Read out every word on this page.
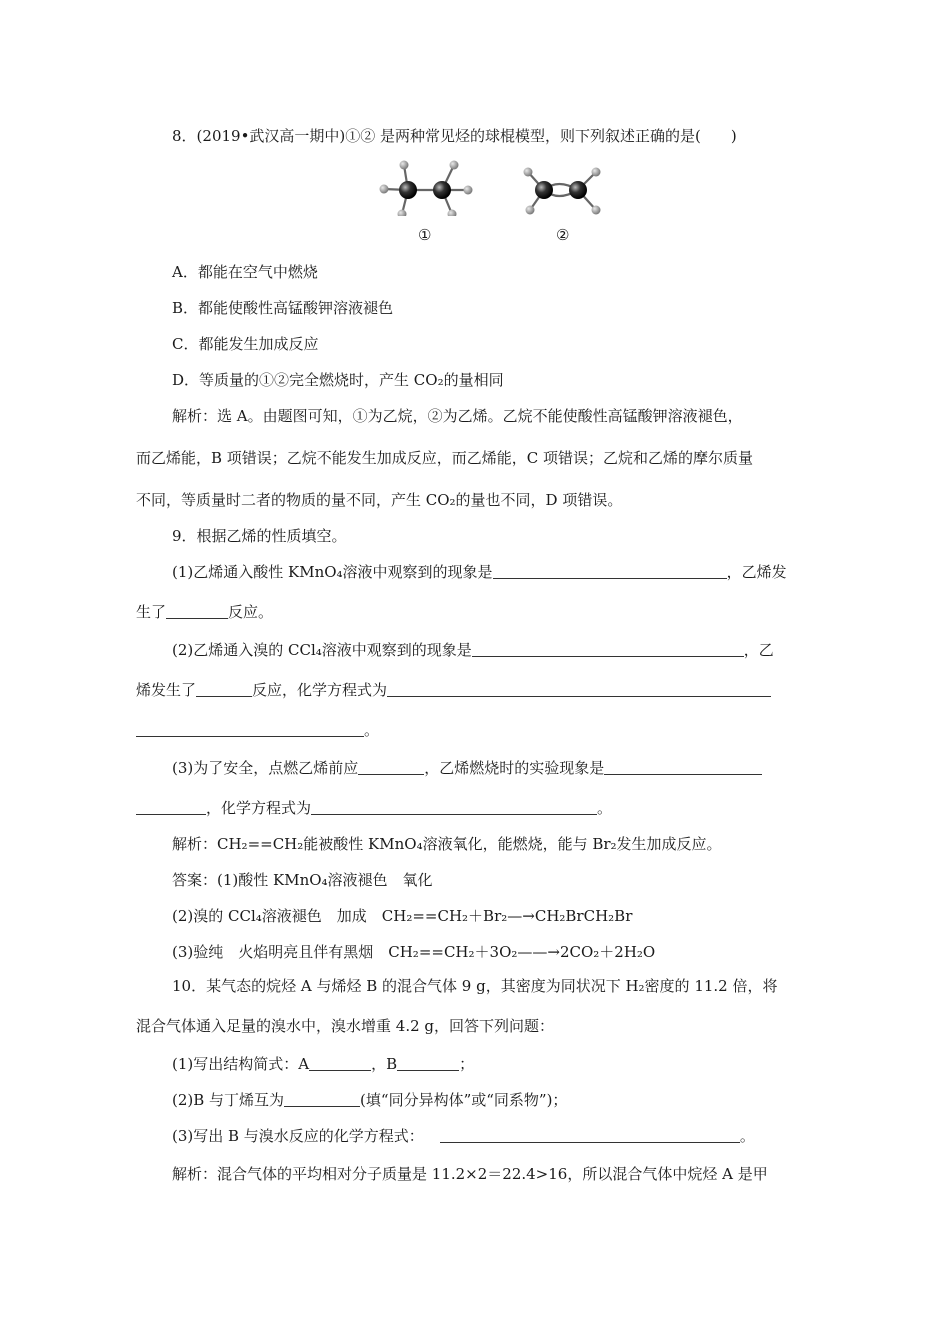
8．(2019•武汉高一期中)①② 是两种常见烃的球棍模型，则下列叙述正确的是(　　)
①	②
A．都能在空气中燃烧
B．都能使酸性高锰酸钾溶液褪色
C．都能发生加成反应
D．等质量的①②完全燃烧时，产生 CO₂的量相同
解析：选 A。由题图可知，①为乙烷，②为乙烯。乙烷不能使酸性高锰酸钾溶液褪色，
而乙烯能，B 项错误；乙烷不能发生加成反应，而乙烯能，C 项错误；乙烷和乙烯的摩尔质量
不同，等质量时二者的物质的量不同，产生 CO₂的量也不同，D 项错误。
9．根据乙烯的性质填空。
(1)乙烯通入酸性 KMnO₄溶液中观察到的现象是	，乙烯发
生了	反应。
(2)乙烯通入溴的 CCl₄溶液中观察到的现象是	，乙
烯发生了	反应，化学方程式为
。
(3)为了安全，点燃乙烯前应	，乙烯燃烧时的实验现象是
，化学方程式为	。
解析：CH₂==CH₂能被酸性 KMnO₄溶液氧化，能燃烧，能与 Br₂发生加成反应。
答案：(1)酸性 KMnO₄溶液褪色　氧化
(2)溴的 CCl₄溶液褪色　加成　CH₂==CH₂＋Br₂—→CH₂BrCH₂Br
(3)验纯　火焰明亮且伴有黑烟　CH₂==CH₂＋3O₂——→2CO₂＋2H₂O
10．某气态的烷烃 A 与烯烃 B 的混合气体 9 g，其密度为同状况下 H₂密度的 11.2 倍，将
混合气体通入足量的溴水中，溴水增重 4.2 g，回答下列问题：
(1)写出结构简式：A	，B	；
(2)B 与丁烯互为	(填“同分异构体”或“同系物”)；
(3)写出 B 与溴水反应的化学方程式：	。
解析：混合气体的平均相对分子质量是 11.2×2＝22.4>16，所以混合气体中烷烃 A 是甲
